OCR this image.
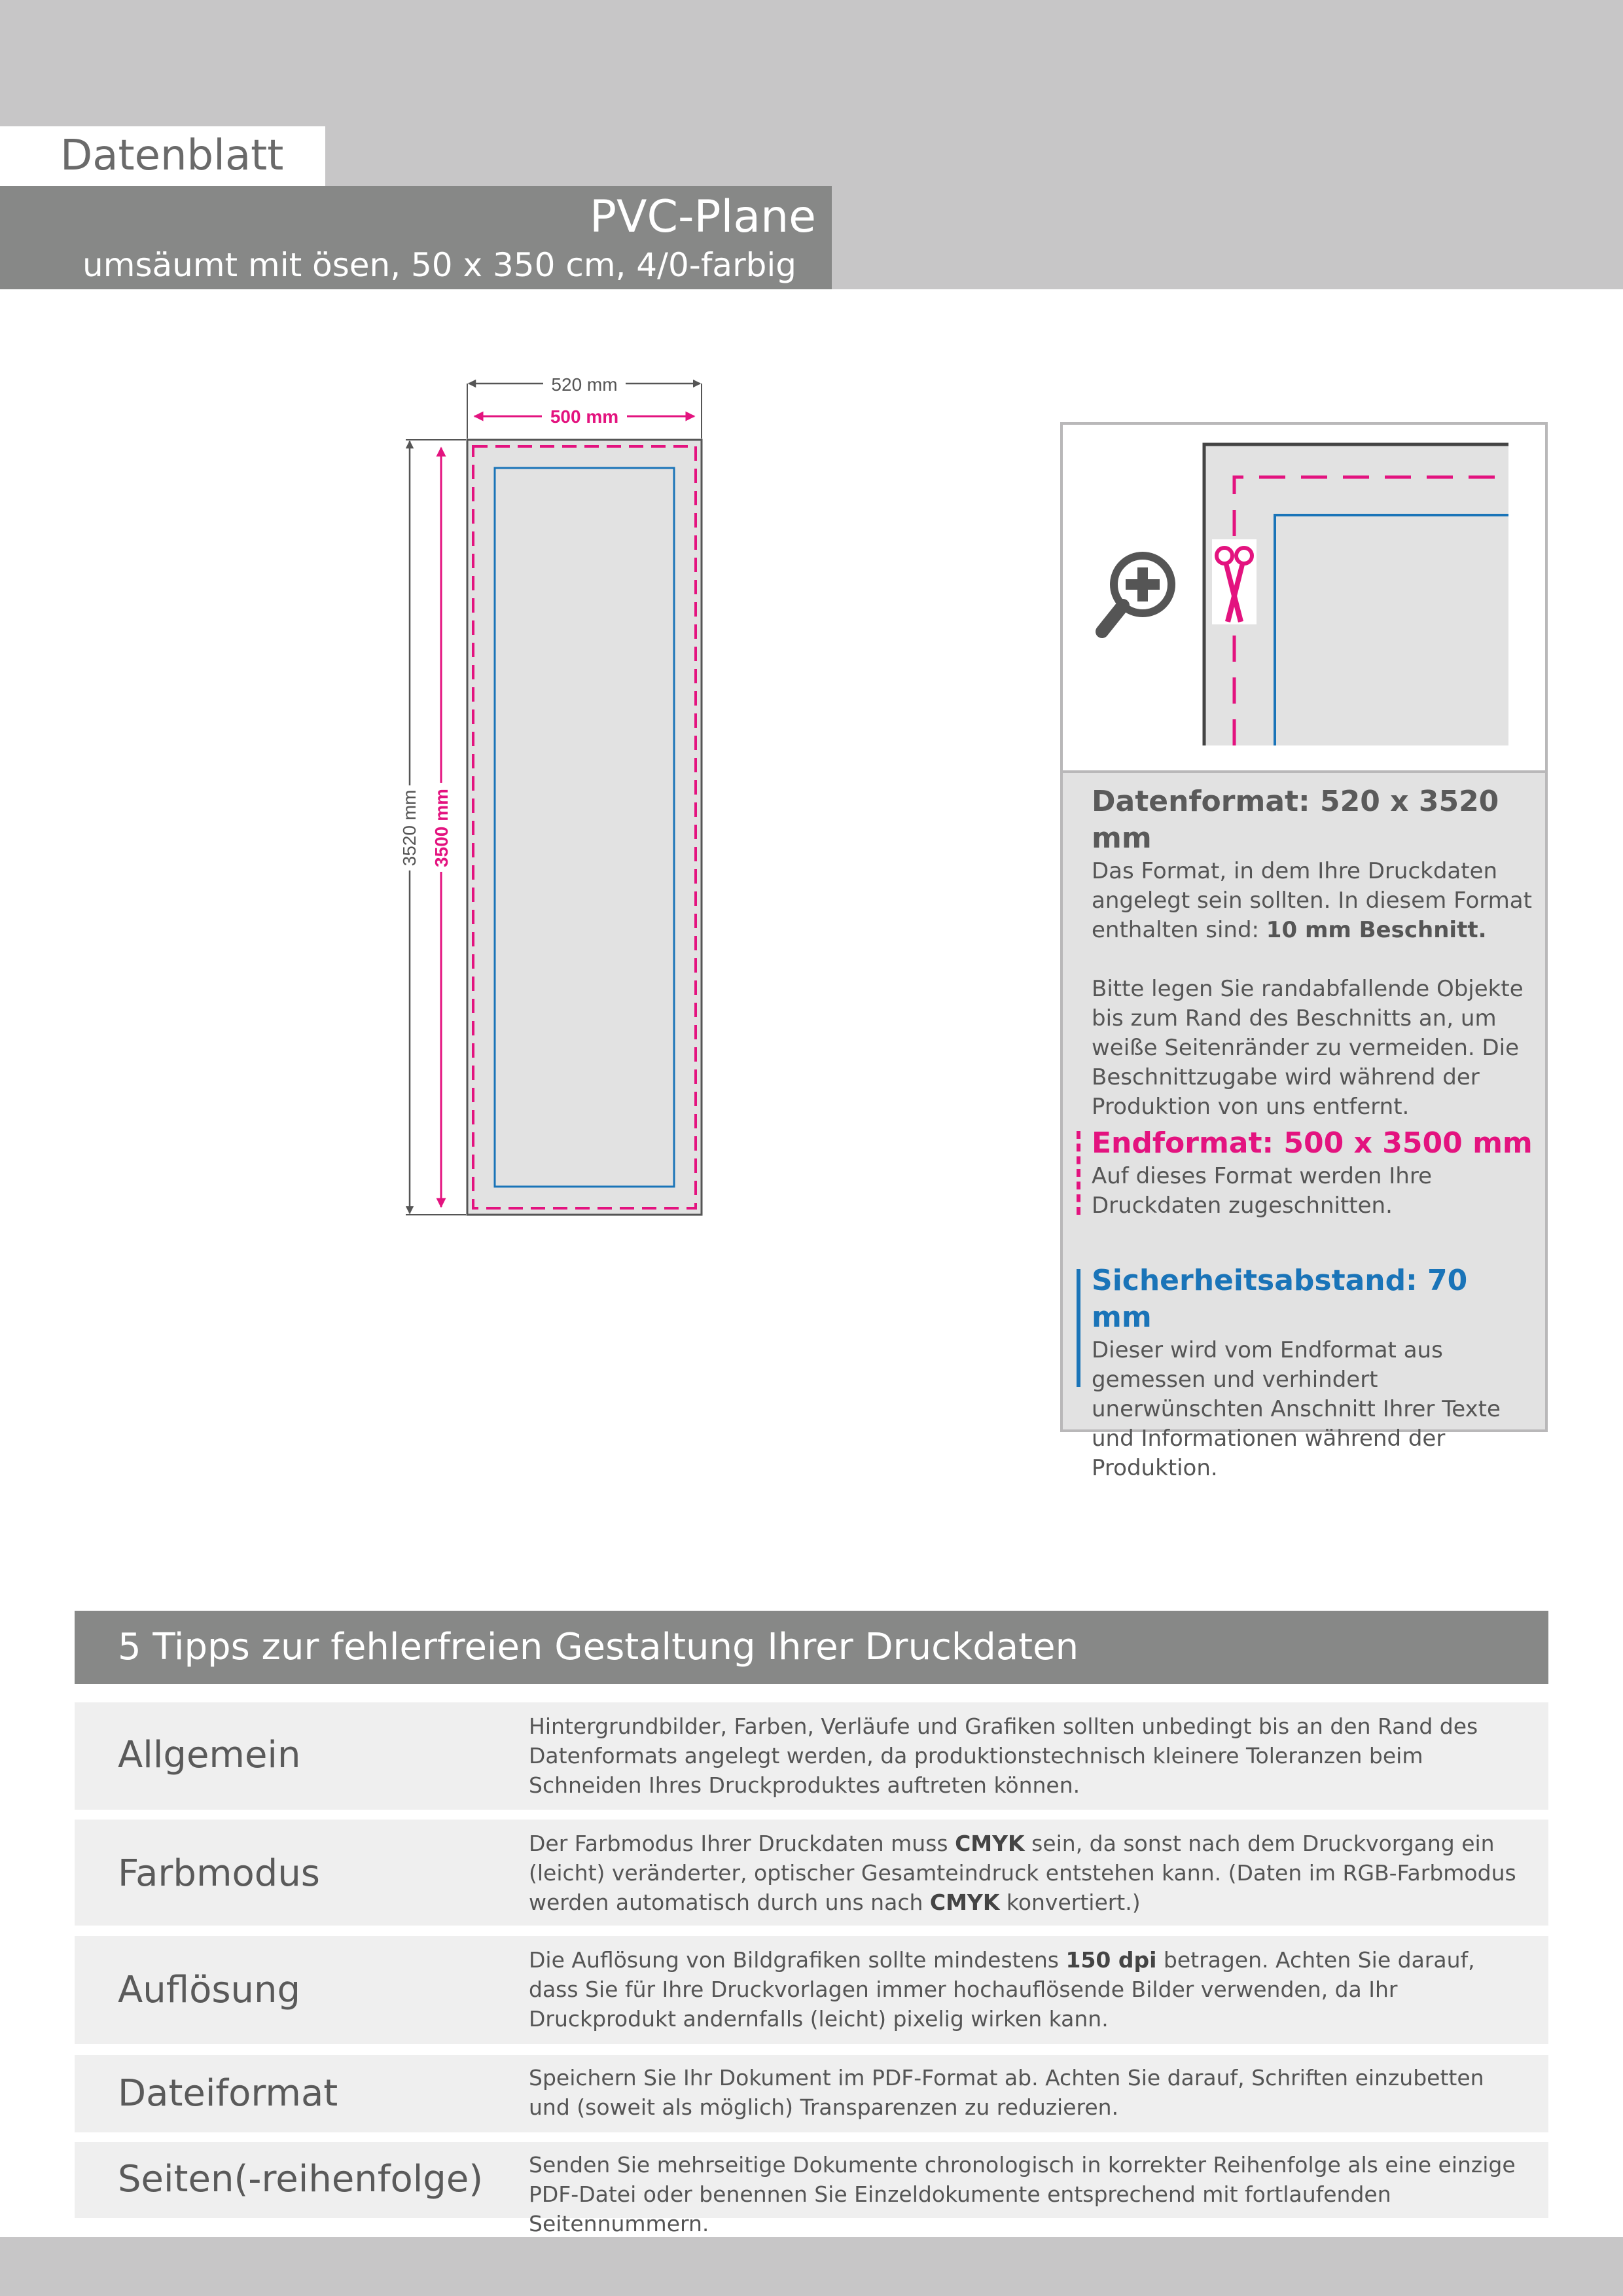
Datenblatt
PVC-Plane
umsäumt mit ösen, 50 x 350 cm, 4/0-farbig
520 mm
500 mm
3520 mm 3500 mm	Datenformat: 520 x 3520 mm

Das Format, in dem Ihre Druckdaten angelegt sein sollten. In diesem Format enthalten sind: 10 mm Beschnitt.

Bitte legen Sie randabfallende Objekte bis zum Rand des Beschnitts an, um weiße Seitenränder zu vermeiden. Die Beschnittzugabe wird während der Produktion von uns entfernt.

Endformat: 500 x 3500 mm

Auf dieses Format werden Ihre Druckdaten zugeschnitten.

Sicherheitsabstand: 70 mm

Dieser wird vom Endformat aus gemessen und verhindert unerwünschten Anschnitt Ihrer Texte und Informationen während der Produktion.

5 Tipps zur fehlerfreien Gestaltung Ihrer Druckdaten
Allgemein
Hintergrundbilder, Farben, Verläufe und Grafiken sollten unbedingt bis an den Rand des Datenformats angelegt werden, da produktionstechnisch kleinere Toleranzen beim Schneiden Ihres Druckproduktes auftreten können.
Farbmodus
Der Farbmodus Ihrer Druckdaten muss CMYK sein, da sonst nach dem Druckvorgang ein (leicht) veränderter, optischer Gesamteindruck entstehen kann. (Daten im RGB-Farbmodus werden automatisch durch uns nach CMYK konvertiert.)
Auflösung
Die Auflösung von Bildgrafiken sollte mindestens 150 dpi betragen. Achten Sie darauf, dass Sie für Ihre Druckvorlagen immer hochauflösende Bilder verwenden, da Ihr Druckprodukt andernfalls (leicht) pixelig wirken kann.
Dateiformat	Speichern Sie Ihr Dokument im PDF-Format ab. Achten Sie darauf, Schriften einzubetten und (soweit als möglich) Transparenzen zu reduzieren.
Seiten(-reihenfolge) Senden Sie mehrseitige Dokumente chronologisch in korrekter Reihenfolge als eine einzige PDF-Datei oder benennen Sie Einzeldokumente entsprechend mit fortlaufenden Seitennummern.
